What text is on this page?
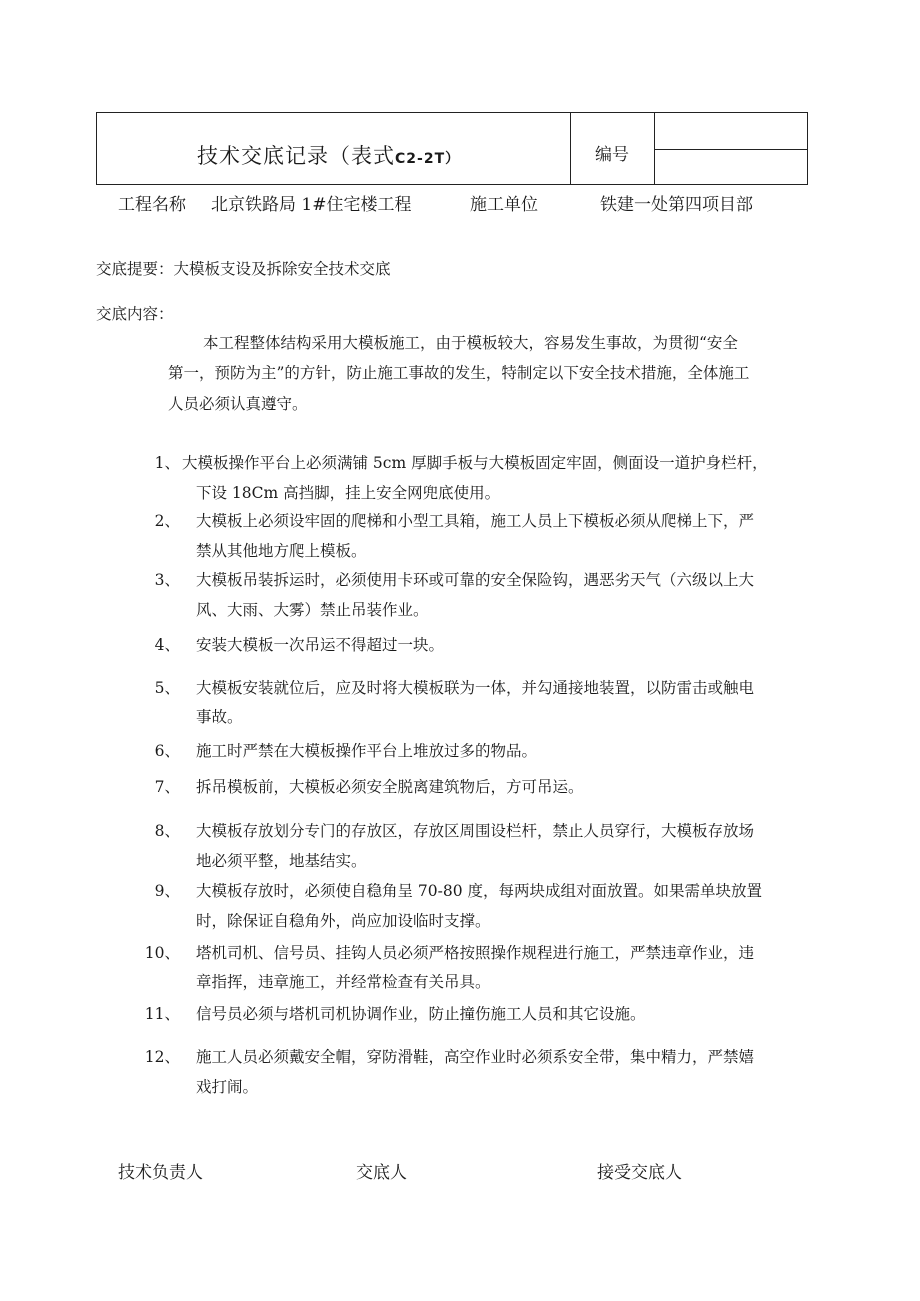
技术交底记录（表式C2-2T）	编号
工程名称 北京铁路局 1#住宅楼工程	施工单位	铁建一处第四项目部
交底提要：大模板支设及拆除安全技术交底
交底内容：
本工程整体结构采用大模板施工，由于模板较大，容易发生事故，为贯彻“安全
第一，预防为主”的方针，防止施工事故的发生，特制定以下安全技术措施，全体施工
人员必须认真遵守。
1、 大模板操作平台上必须满铺 5cm 厚脚手板与大模板固定牢固，侧面设一道护身栏杆，
下设 18Cm 高挡脚，挂上安全网兜底使用。
2、 大模板上必须设牢固的爬梯和小型工具箱，施工人员上下模板必须从爬梯上下，严
禁从其他地方爬上模板。
3、 大模板吊装拆运时，必须使用卡环或可靠的安全保险钩，遇恶劣天气（六级以上大
风、大雨、大雾）禁止吊装作业。
4、 安装大模板一次吊运不得超过一块。
5、 大模板安装就位后，应及时将大模板联为一体，并勾通接地装置，以防雷击或触电
事故。
6、 施工时严禁在大模板操作平台上堆放过多的物品。
7、 拆吊模板前，大模板必须安全脱离建筑物后，方可吊运。
8、 大模板存放划分专门的存放区，存放区周围设栏杆，禁止人员穿行，大模板存放场
地必须平整，地基结实。
9、 大模板存放时，必须使自稳角呈 70-80 度，每两块成组对面放置。如果需单块放置
时，除保证自稳角外，尚应加设临时支撑。
10、 塔机司机、信号员、挂钩人员必须严格按照操作规程进行施工，严禁违章作业，违
章指挥，违章施工，并经常检查有关吊具。
11、 信号员必须与塔机司机协调作业，防止撞伤施工人员和其它设施。
12、 施工人员必须戴安全帽，穿防滑鞋，高空作业时必须系安全带，集中精力，严禁嬉
戏打闹。
技术负责人	交底人	接受交底人
